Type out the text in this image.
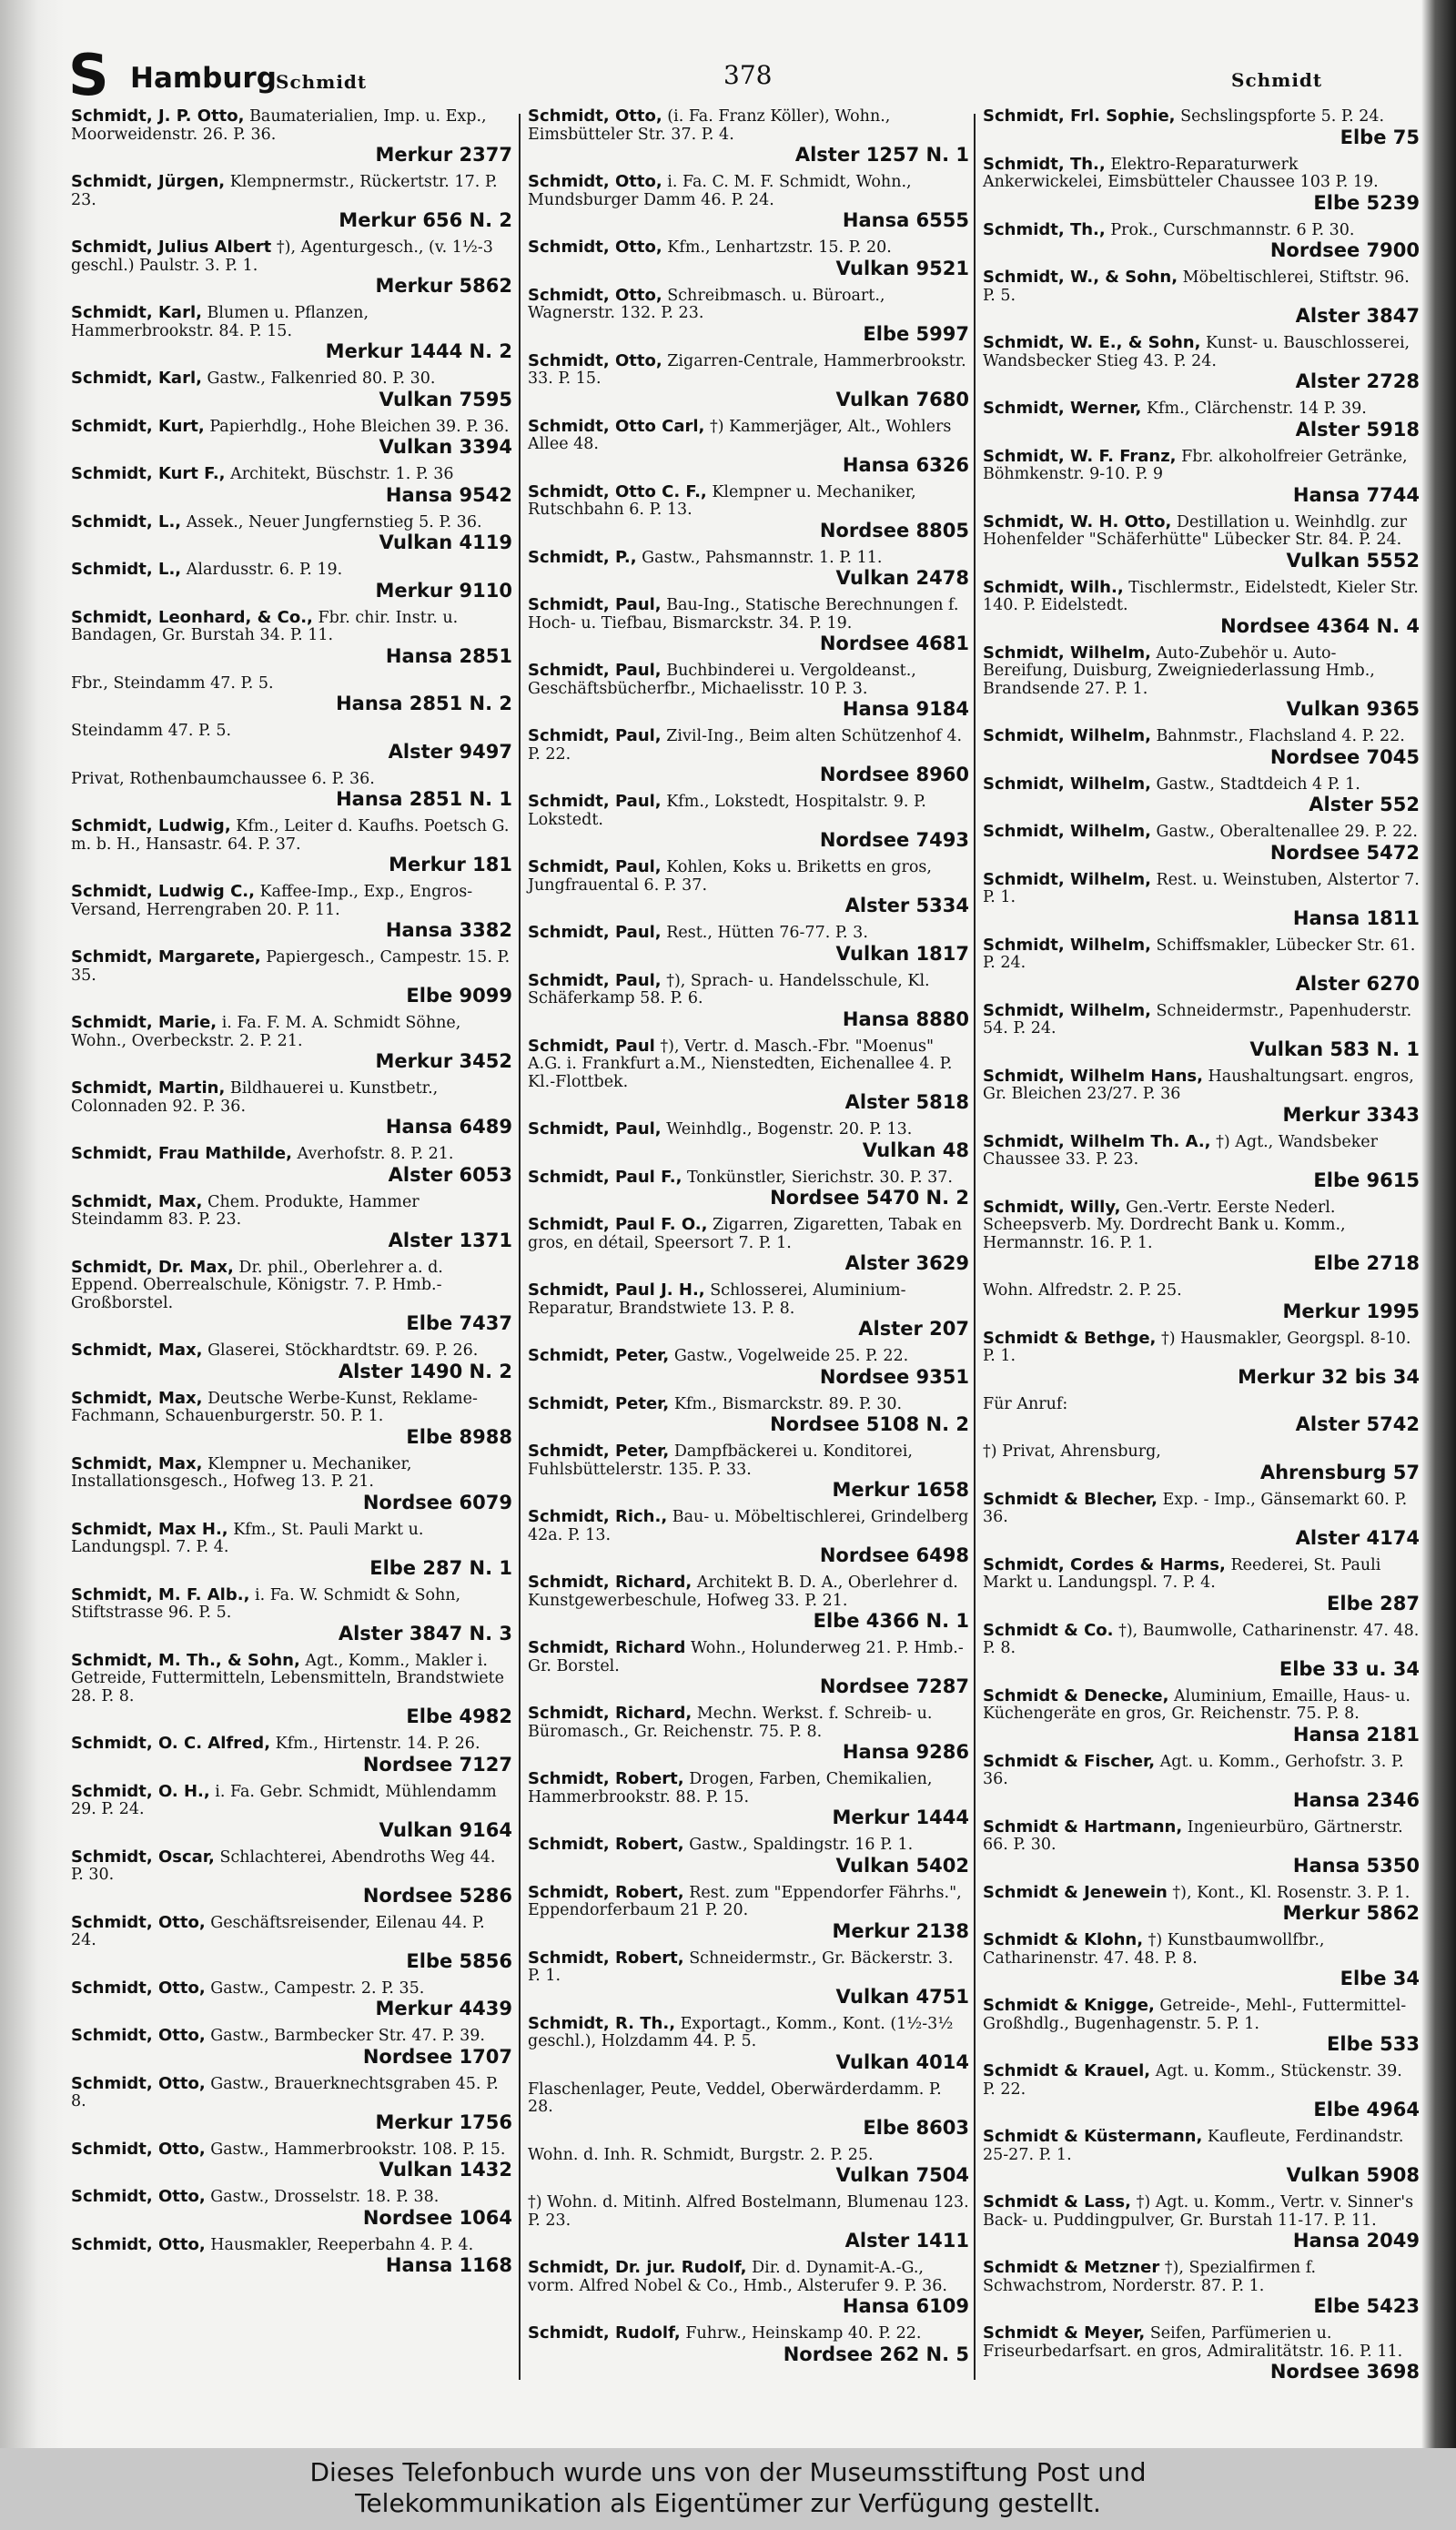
S Hamburg Schmidt	378	Schmidt
Schmidt, J. P. Otto, Baumaterialien, Imp. u. Exp., Moorweidenstr. 26. P. 36.
Merkur 2377
Schmidt, Jürgen, Klempnermstr., Rückertstr. 17. P. 23.
Merkur 656 N. 2
Schmidt, Julius Albert †), Agenturgesch., (v. 1½-3 geschl.) Paulstr. 3. P. 1.
Merkur 5862
Schmidt, Karl, Blumen u. Pflanzen, Hammerbrookstr. 84. P. 15.
Merkur 1444 N. 2
Schmidt, Karl, Gastw., Falkenried 80. P. 30.
Vulkan 7595
Schmidt, Kurt, Papierhdlg., Hohe Bleichen 39. P. 36.
Vulkan 3394
Schmidt, Kurt F., Architekt, Büschstr. 1. P. 36
Hansa 9542
Schmidt, L., Assek., Neuer Jungfernstieg 5. P. 36.
Vulkan 4119
Schmidt, L., Alardusstr. 6. P. 19.
Merkur 9110
Schmidt, Leonhard, & Co., Fbr. chir. Instr. u. Bandagen, Gr. Burstah 34. P. 11.
Hansa 2851
Fbr., Steindamm 47. P. 5.
Hansa 2851 N. 2
Steindamm 47. P. 5.
Alster 9497
Privat, Rothenbaumchaussee 6. P. 36.
Hansa 2851 N. 1
Schmidt, Ludwig, Kfm., Leiter d. Kaufhs. Poetsch G. m. b. H., Hansastr. 64. P. 37.
Merkur 181
Schmidt, Ludwig C., Kaffee-Imp., Exp., Engros-Versand, Herrengraben 20. P. 11.
Hansa 3382
Schmidt, Margarete, Papiergesch., Campestr. 15. P. 35.
Elbe 9099
Schmidt, Marie, i. Fa. F. M. A. Schmidt Söhne, Wohn., Overbeckstr. 2. P. 21.
Merkur 3452
Schmidt, Martin, Bildhauerei u. Kunstbetr., Colonnaden 92. P. 36.
Hansa 6489
Schmidt, Frau Mathilde, Averhofstr. 8. P. 21.
Alster 6053
Schmidt, Max, Chem. Produkte, Hammer Steindamm 83. P. 23.
Alster 1371
Schmidt, Dr. Max, Dr. phil., Oberlehrer a. d. Eppend. Oberrealschule, Königstr. 7. P. Hmb.-Großborstel.
Elbe 7437
Schmidt, Max, Glaserei, Stöckhardtstr. 69. P. 26.
Alster 1490 N. 2
Schmidt, Max, Deutsche Werbe-Kunst, Reklame-Fachmann, Schauenburgerstr. 50. P. 1.
Elbe 8988
Schmidt, Max, Klempner u. Mechaniker, Installationsgesch., Hofweg 13. P. 21.
Nordsee 6079
Schmidt, Max H., Kfm., St. Pauli Markt u. Landungspl. 7. P. 4.
Elbe 287 N. 1
Schmidt, M. F. Alb., i. Fa. W. Schmidt & Sohn, Stiftstrasse 96. P. 5.
Alster 3847 N. 3
Schmidt, M. Th., & Sohn, Agt., Komm., Makler i. Getreide, Futtermitteln, Lebensmitteln, Brandstwiete 28. P. 8.
Elbe 4982
Schmidt, O. C. Alfred, Kfm., Hirtenstr. 14. P. 26.
Nordsee 7127
Schmidt, O. H., i. Fa. Gebr. Schmidt, Mühlendamm 29. P. 24.
Vulkan 9164
Schmidt, Oscar, Schlachterei, Abendroths Weg 44. P. 30.
Nordsee 5286
Schmidt, Otto, Geschäftsreisender, Eilenau 44. P. 24.
Elbe 5856
Schmidt, Otto, Gastw., Campestr. 2. P. 35.
Merkur 4439
Schmidt, Otto, Gastw., Barmbecker Str. 47. P. 39.
Nordsee 1707
Schmidt, Otto, Gastw., Brauerknechtsgraben 45. P. 8.
Merkur 1756
Schmidt, Otto, Gastw., Hammerbrookstr. 108. P. 15.
Vulkan 1432
Schmidt, Otto, Gastw., Drosselstr. 18. P. 38.
Nordsee 1064
Schmidt, Otto, Hausmakler, Reeperbahn 4. P. 4.
Hansa 1168
Schmidt, Otto, (i. Fa. Franz Köller), Wohn., Eimsbütteler Str. 37. P. 4.
Alster 1257 N. 1
Schmidt, Otto, i. Fa. C. M. F. Schmidt, Wohn., Mundsburger Damm 46. P. 24.
Hansa 6555
Schmidt, Otto, Kfm., Lenhartzstr. 15. P. 20.
Vulkan 9521
Schmidt, Otto, Schreibmasch. u. Büroart., Wagnerstr. 132. P. 23.
Elbe 5997
Schmidt, Otto, Zigarren-Centrale, Hammerbrookstr. 33. P. 15.
Vulkan 7680
Schmidt, Otto Carl, †) Kammerjäger, Alt., Wohlers Allee 48.
Hansa 6326
Schmidt, Otto C. F., Klempner u. Mechaniker, Rutschbahn 6. P. 13.
Nordsee 8805
Schmidt, P., Gastw., Pahsmannstr. 1. P. 11.
Vulkan 2478
Schmidt, Paul, Bau-Ing., Statische Berechnungen f. Hoch- u. Tiefbau, Bismarckstr. 34. P. 19.
Nordsee 4681
Schmidt, Paul, Buchbinderei u. Vergoldeanst., Geschäftsbücherfbr., Michaelisstr. 10 P. 3.
Hansa 9184
Schmidt, Paul, Zivil-Ing., Beim alten Schützenhof 4. P. 22.
Nordsee 8960
Schmidt, Paul, Kfm., Lokstedt, Hospitalstr. 9. P. Lokstedt.
Nordsee 7493
Schmidt, Paul, Kohlen, Koks u. Briketts en gros, Jungfrauental 6. P. 37.
Alster 5334
Schmidt, Paul, Rest., Hütten 76-77. P. 3.
Vulkan 1817
Schmidt, Paul, †), Sprach- u. Handelsschule, Kl. Schäferkamp 58. P. 6.
Hansa 8880
Schmidt, Paul †), Vertr. d. Masch.-Fbr. "Moenus" A.G. i. Frankfurt a.M., Nienstedten, Eichenallee 4. P. Kl.-Flottbek.
Alster 5818
Schmidt, Paul, Weinhdlg., Bogenstr. 20. P. 13.
Vulkan 48
Schmidt, Paul F., Tonkünstler, Sierichstr. 30. P. 37.
Nordsee 5470 N. 2
Schmidt, Paul F. O., Zigarren, Zigaretten, Tabak en gros, en détail, Speersort 7. P. 1.
Alster 3629
Schmidt, Paul J. H., Schlosserei, Aluminium-Reparatur, Brandstwiete 13. P. 8.
Alster 207
Schmidt, Peter, Gastw., Vogelweide 25. P. 22.
Nordsee 9351
Schmidt, Peter, Kfm., Bismarckstr. 89. P. 30.
Nordsee 5108 N. 2
Schmidt, Peter, Dampfbäckerei u. Konditorei, Fuhlsbüttelerstr. 135. P. 33.
Merkur 1658
Schmidt, Rich., Bau- u. Möbeltischlerei, Grindelberg 42a. P. 13.
Nordsee 6498
Schmidt, Richard, Architekt B. D. A., Oberlehrer d. Kunstgewerbeschule, Hofweg 33. P. 21.
Elbe 4366 N. 1
Schmidt, Richard Wohn., Holunderweg 21. P. Hmb.-Gr. Borstel.
Nordsee 7287
Schmidt, Richard, Mechn. Werkst. f. Schreib- u. Büromasch., Gr. Reichenstr. 75. P. 8.
Hansa 9286
Schmidt, Robert, Drogen, Farben, Chemikalien, Hammerbrookstr. 88. P. 15.
Merkur 1444
Schmidt, Robert, Gastw., Spaldingstr. 16 P. 1.
Vulkan 5402
Schmidt, Robert, Rest. zum "Eppendorfer Fährhs.", Eppendorferbaum 21 P. 20.
Merkur 2138
Schmidt, Robert, Schneidermstr., Gr. Bäckerstr. 3. P. 1.
Vulkan 4751
Schmidt, R. Th., Exportagt., Komm., Kont. (1½-3½ geschl.), Holzdamm 44. P. 5.
Vulkan 4014
Flaschenlager, Peute, Veddel, Oberwärderdamm. P. 28.
Elbe 8603
Wohn. d. Inh. R. Schmidt, Burgstr. 2. P. 25.
Vulkan 7504
†) Wohn. d. Mitinh. Alfred Bostelmann, Blumenau 123. P. 23.
Alster 1411
Schmidt, Dr. jur. Rudolf, Dir. d. Dynamit-A.-G., vorm. Alfred Nobel & Co., Hmb., Alsterufer 9. P. 36.
Hansa 6109
Schmidt, Rudolf, Fuhrw., Heinskamp 40. P. 22.
Nordsee 262 N. 5
Schmidt, Frl. Sophie, Sechslingspforte 5. P. 24.
Elbe 75
Schmidt, Th., Elektro-Reparaturwerk Ankerwickelei, Eimsbütteler Chaussee 103 P. 19.
Elbe 5239
Schmidt, Th., Prok., Curschmannstr. 6 P. 30.
Nordsee 7900
Schmidt, W., & Sohn, Möbeltischlerei, Stiftstr. 96. P. 5.
Alster 3847
Schmidt, W. E., & Sohn, Kunst- u. Bauschlosserei, Wandsbecker Stieg 43. P. 24.
Alster 2728
Schmidt, Werner, Kfm., Clärchenstr. 14 P. 39.
Alster 5918
Schmidt, W. F. Franz, Fbr. alkoholfreier Getränke, Böhmkenstr. 9-10. P. 9
Hansa 7744
Schmidt, W. H. Otto, Destillation u. Weinhdlg. zur Hohenfelder "Schäferhütte" Lübecker Str. 84. P. 24.
Vulkan 5552
Schmidt, Wilh., Tischlermstr., Eidelstedt, Kieler Str. 140. P. Eidelstedt.
Nordsee 4364 N. 4
Schmidt, Wilhelm, Auto-Zubehör u. Auto-Bereifung, Duisburg, Zweigniederlassung Hmb., Brandsende 27. P. 1.
Vulkan 9365
Schmidt, Wilhelm, Bahnmstr., Flachsland 4. P. 22.
Nordsee 7045
Schmidt, Wilhelm, Gastw., Stadtdeich 4 P. 1.
Alster 552
Schmidt, Wilhelm, Gastw., Oberaltenallee 29. P. 22.
Nordsee 5472
Schmidt, Wilhelm, Rest. u. Weinstuben, Alstertor 7. P. 1.
Hansa 1811
Schmidt, Wilhelm, Schiffsmakler, Lübecker Str. 61. P. 24.
Alster 6270
Schmidt, Wilhelm, Schneidermstr., Papenhuderstr. 54. P. 24.
Vulkan 583 N. 1
Schmidt, Wilhelm Hans, Haushaltungsart. engros, Gr. Bleichen 23/27. P. 36
Merkur 3343
Schmidt, Wilhelm Th. A., †) Agt., Wandsbeker Chaussee 33. P. 23.
Elbe 9615
Schmidt, Willy, Gen.-Vertr. Eerste Nederl. Scheepsverb. My. Dordrecht Bank u. Komm., Hermannstr. 16. P. 1.
Elbe 2718
Wohn. Alfredstr. 2. P. 25.
Merkur 1995
Schmidt & Bethge, †) Hausmakler, Georgspl. 8-10. P. 1.
Merkur 32 bis 34
Für Anruf:
Alster 5742
†) Privat, Ahrensburg,
Ahrensburg 57
Schmidt & Blecher, Exp. - Imp., Gänsemarkt 60. P. 36.
Alster 4174
Schmidt, Cordes & Harms, Reederei, St. Pauli Markt u. Landungspl. 7. P. 4.
Elbe 287
Schmidt & Co. †), Baumwolle, Catharinenstr. 47. 48. P. 8.
Elbe 33 u. 34
Schmidt & Denecke, Aluminium, Emaille, Haus- u. Küchengeräte en gros, Gr. Reichenstr. 75. P. 8.
Hansa 2181
Schmidt & Fischer, Agt. u. Komm., Gerhofstr. 3. P. 36.
Hansa 2346
Schmidt & Hartmann, Ingenieurbüro, Gärtnerstr. 66. P. 30.
Hansa 5350
Schmidt & Jenewein †), Kont., Kl. Rosenstr. 3. P. 1.
Merkur 5862
Schmidt & Klohn, †) Kunstbaumwollfbr., Catharinenstr. 47. 48. P. 8.
Elbe 34
Schmidt & Knigge, Getreide-, Mehl-, Futtermittel-Großhdlg., Bugenhagenstr. 5. P. 1.
Elbe 533
Schmidt & Krauel, Agt. u. Komm., Stückenstr. 39. P. 22.
Elbe 4964
Schmidt & Küstermann, Kaufleute, Ferdinandstr. 25-27. P. 1.
Vulkan 5908
Schmidt & Lass, †) Agt. u. Komm., Vertr. v. Sinner's Back- u. Puddingpulver, Gr. Burstah 11-17. P. 11.
Hansa 2049
Schmidt & Metzner †), Spezialfirmen f. Schwachstrom, Norderstr. 87. P. 1.
Elbe 5423
Schmidt & Meyer, Seifen, Parfümerien u. Friseurbedarfsart. en gros, Admiralitätstr. 16. P. 11.
Nordsee 3698
Dieses Telefonbuch wurde uns von der Museumsstiftung Post und
Telekommunikation als Eigentümer zur Verfügung gestellt.
